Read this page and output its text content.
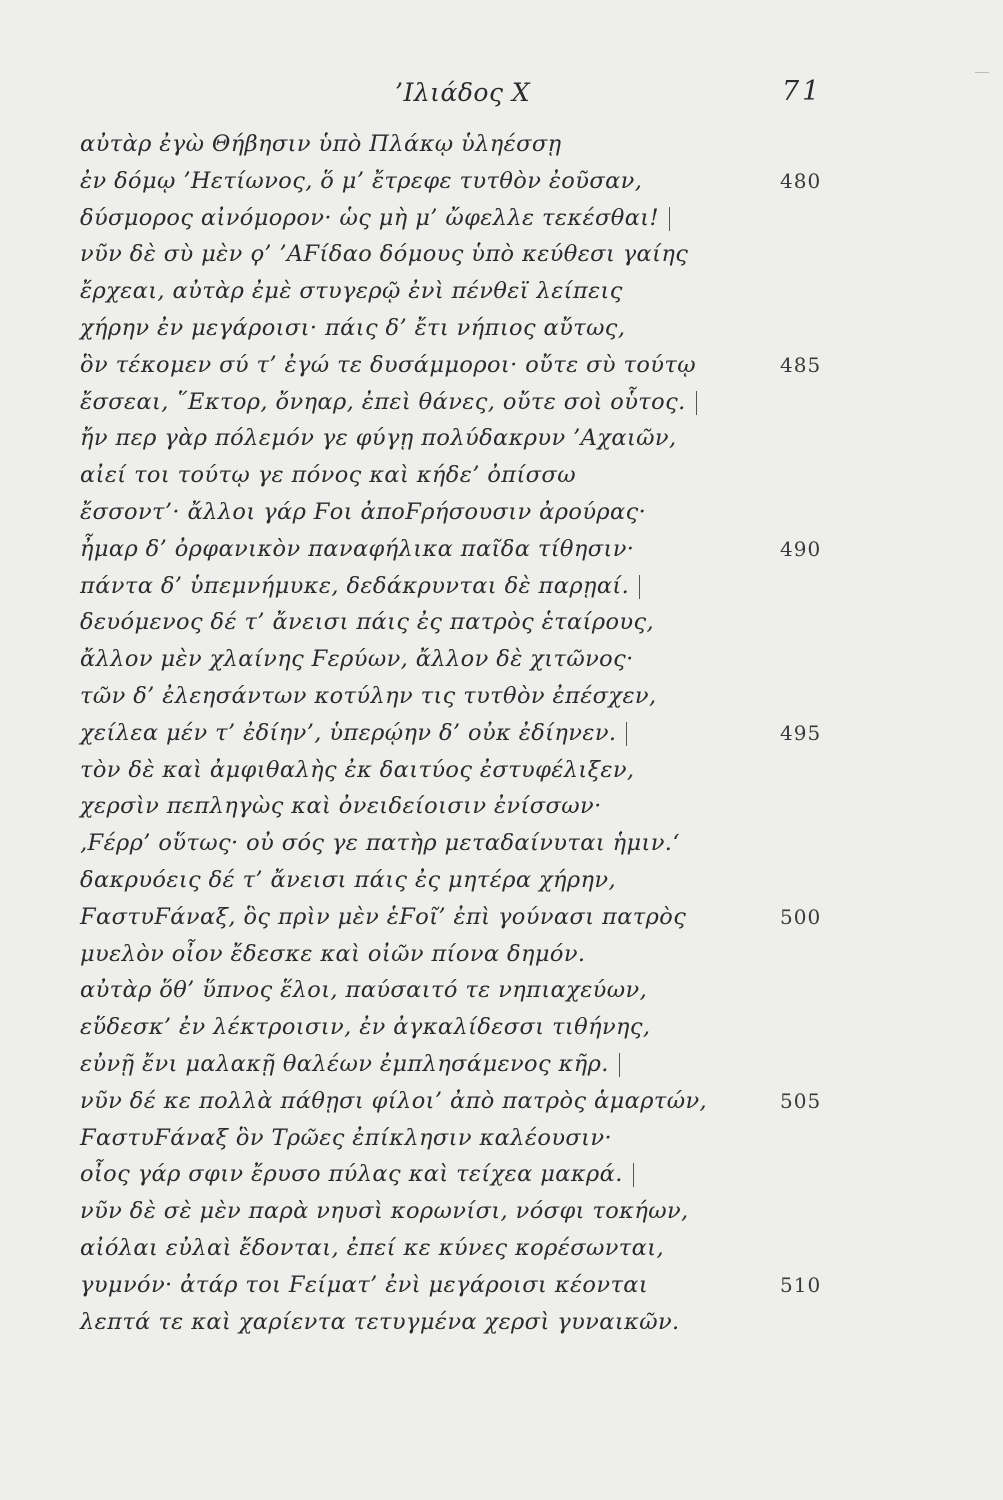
’Ιλιάδος X	71
αὐτὰρ ἐγὼ Θήβησιν ὑπὸ Πλάκῳ ὑληέσσῃ
ἐν δόμῳ ’Ηετίωνος, ὅ μ’ ἔτρεφε τυτθὸν ἐοῦσαν,	480
δύσμορος αἰνόμορον· ὡς μὴ μ’ ὤφελλε τεκέσθαι!
νῦν δὲ σὺ μὲν ϙ’ ’ΑϜίδαο δόμους ὑπὸ κεύθεσι γαίης
ἔρχεαι, αὐτὰρ ἐμὲ στυγερῷ ἐνὶ πένθεϊ λείπεις
χήρην ἐν μεγάροισι· πάις δ’ ἔτι νήπιος αὔτως,
ὃν τέκομεν σύ τ’ ἐγώ τε δυσάμμοροι· οὔτε σὺ τούτῳ	485
ἔσσεαι, ῞Εκτορ, ὄνηαρ, ἐπεὶ θάνες, οὔτε σοὶ οὗτος.
ἤν περ γὰρ πόλεμόν γε φύγῃ πολύδακρυν ’Αχαιῶν,
αἰεί τοι τούτῳ γε πόνος καὶ κήδε’ ὀπίσσω
ἔσσοντ’· ἄλλοι γάρ Ϝοι ἀποϜρήσουσιν ἀρούρας·
ἦμαρ δ’ ὀρφανικὸν παναφήλικα παῖδα τίθησιν·	490
πάντα δ’ ὑπεμνήμυκε, δεδάκρυνται δὲ παρῃαί.
δευόμενος δέ τ’ ἄνεισι πάις ἐς πατρὸς ἑταίρους,
ἄλλον μὲν χλαίνης Ϝερύων, ἄλλον δὲ χιτῶνος·
τῶν δ’ ἐλεησάντων κοτύλην τις τυτθὸν ἐπέσχεν,
χείλεα μέν τ’ ἐδίην’, ὑπερῴην δ’ οὐκ ἐδίηνεν.	495
τὸν δὲ καὶ ἀμφιθαλὴς ἐκ δαιτύος ἐστυφέλιξεν,
χερσὶν πεπληγὼς καὶ ὀνειδείοισιν ἐνίσσων·
‚Ϝέρρ’ οὕτως· οὐ σός γε πατὴρ μεταδαίνυται ἡμιν.‘
δακρυόεις δέ τ’ ἄνεισι πάις ἐς μητέρα χήρην,
ϜαστυϜάναξ, ὃς πρὶν μὲν ἑϜοῖ’ ἐπὶ γούνασι πατρὸς	500
μυελὸν οἶον ἔδεσκε καὶ οἰῶν πίονα δημόν.
αὐτὰρ ὅθ’ ὕπνος ἕλοι, παύσαιτό τε νηπιαχεύων,
εὕδεσκ’ ἐν λέκτροισιν, ἐν ἀγκαλίδεσσι τιθήνης,
εὐνῇ ἔνι μαλακῇ θαλέων ἐμπλησάμενος κῆρ.
νῦν δέ κε πολλὰ πάθῃσι φίλοι’ ἀπὸ πατρὸς ἁμαρτών,	505
ϜαστυϜάναξ ὃν Τρῶες ἐπίκλησιν καλέουσιν·
οἶος γάρ σφιν ἔρυσο πύλας καὶ τείχεα μακρά.
νῦν δὲ σὲ μὲν παρὰ νηυσὶ κορωνίσι, νόσφι τοκήων,
αἰόλαι εὐλαὶ ἔδονται, ἐπεί κε κύνες κορέσωνται,
γυμνόν· ἀτάρ τοι Ϝείματ’ ἐνὶ μεγάροισι κέονται	510
λεπτά τε καὶ χαρίεντα τετυγμένα χερσὶ γυναικῶν.
